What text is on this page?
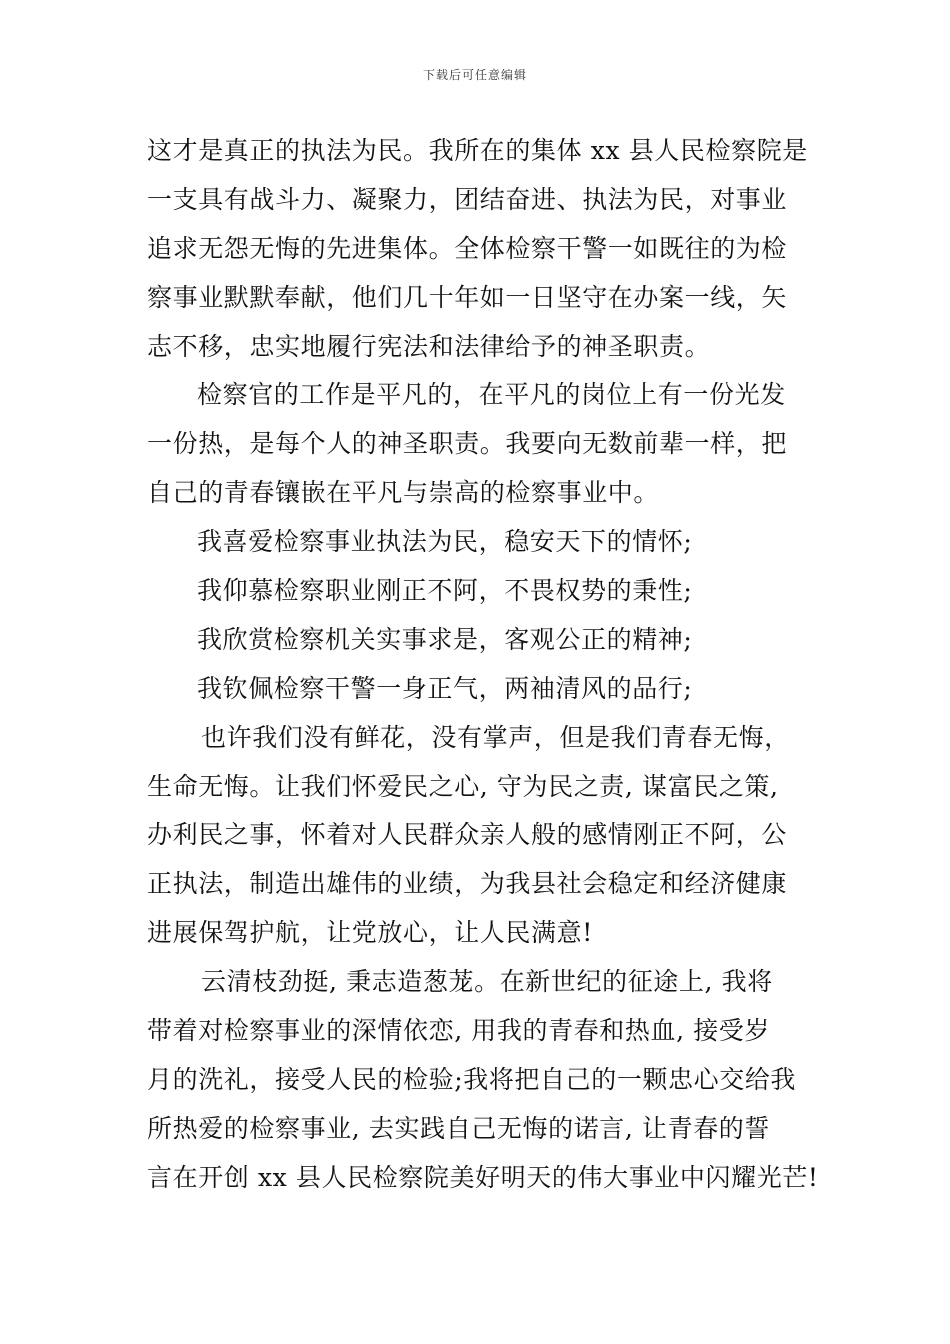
下载后可任意编辑
这才是真正的执法为民。我所在的集体 xx 县人民检察院是
一支具有战斗力、凝聚力，团结奋进、执法为民，对事业
追求无怨无悔的先进集体。全体检察干警一如既往的为检
察事业默默奉献，他们几十年如一日坚守在办案一线，矢
志不移，忠实地履行宪法和法律给予的神圣职责。
检察官的工作是平凡的，在平凡的岗位上有一份光发
一份热，是每个人的神圣职责。我要向无数前辈一样，把
自己的青春镶嵌在平凡与崇高的检察事业中。
我喜爱检察事业执法为民，稳安天下的情怀;
我仰慕检察职业刚正不阿，不畏权势的秉性;
我欣赏检察机关实事求是，客观公正的精神;
我钦佩检察干警一身正气，两袖清风的品行;
也许我们没有鲜花，没有掌声，但是我们青春无悔，
生命无悔。让我们怀爱民之心, 守为民之责, 谋富民之策,
办利民之事，怀着对人民群众亲人般的感情刚正不阿，公
正执法，制造出雄伟的业绩，为我县社会稳定和经济健康
进展保驾护航，让党放心，让人民满意!
云清枝劲挺, 秉志造葱茏。在新世纪的征途上, 我将
带着对检察事业的深情依恋, 用我的青春和热血, 接受岁
月的洗礼，接受人民的检验;我将把自己的一颗忠心交给我
所热爱的检察事业, 去实践自己无悔的诺言, 让青春的誓
言在开创 xx 县人民检察院美好明天的伟大事业中闪耀光芒!
